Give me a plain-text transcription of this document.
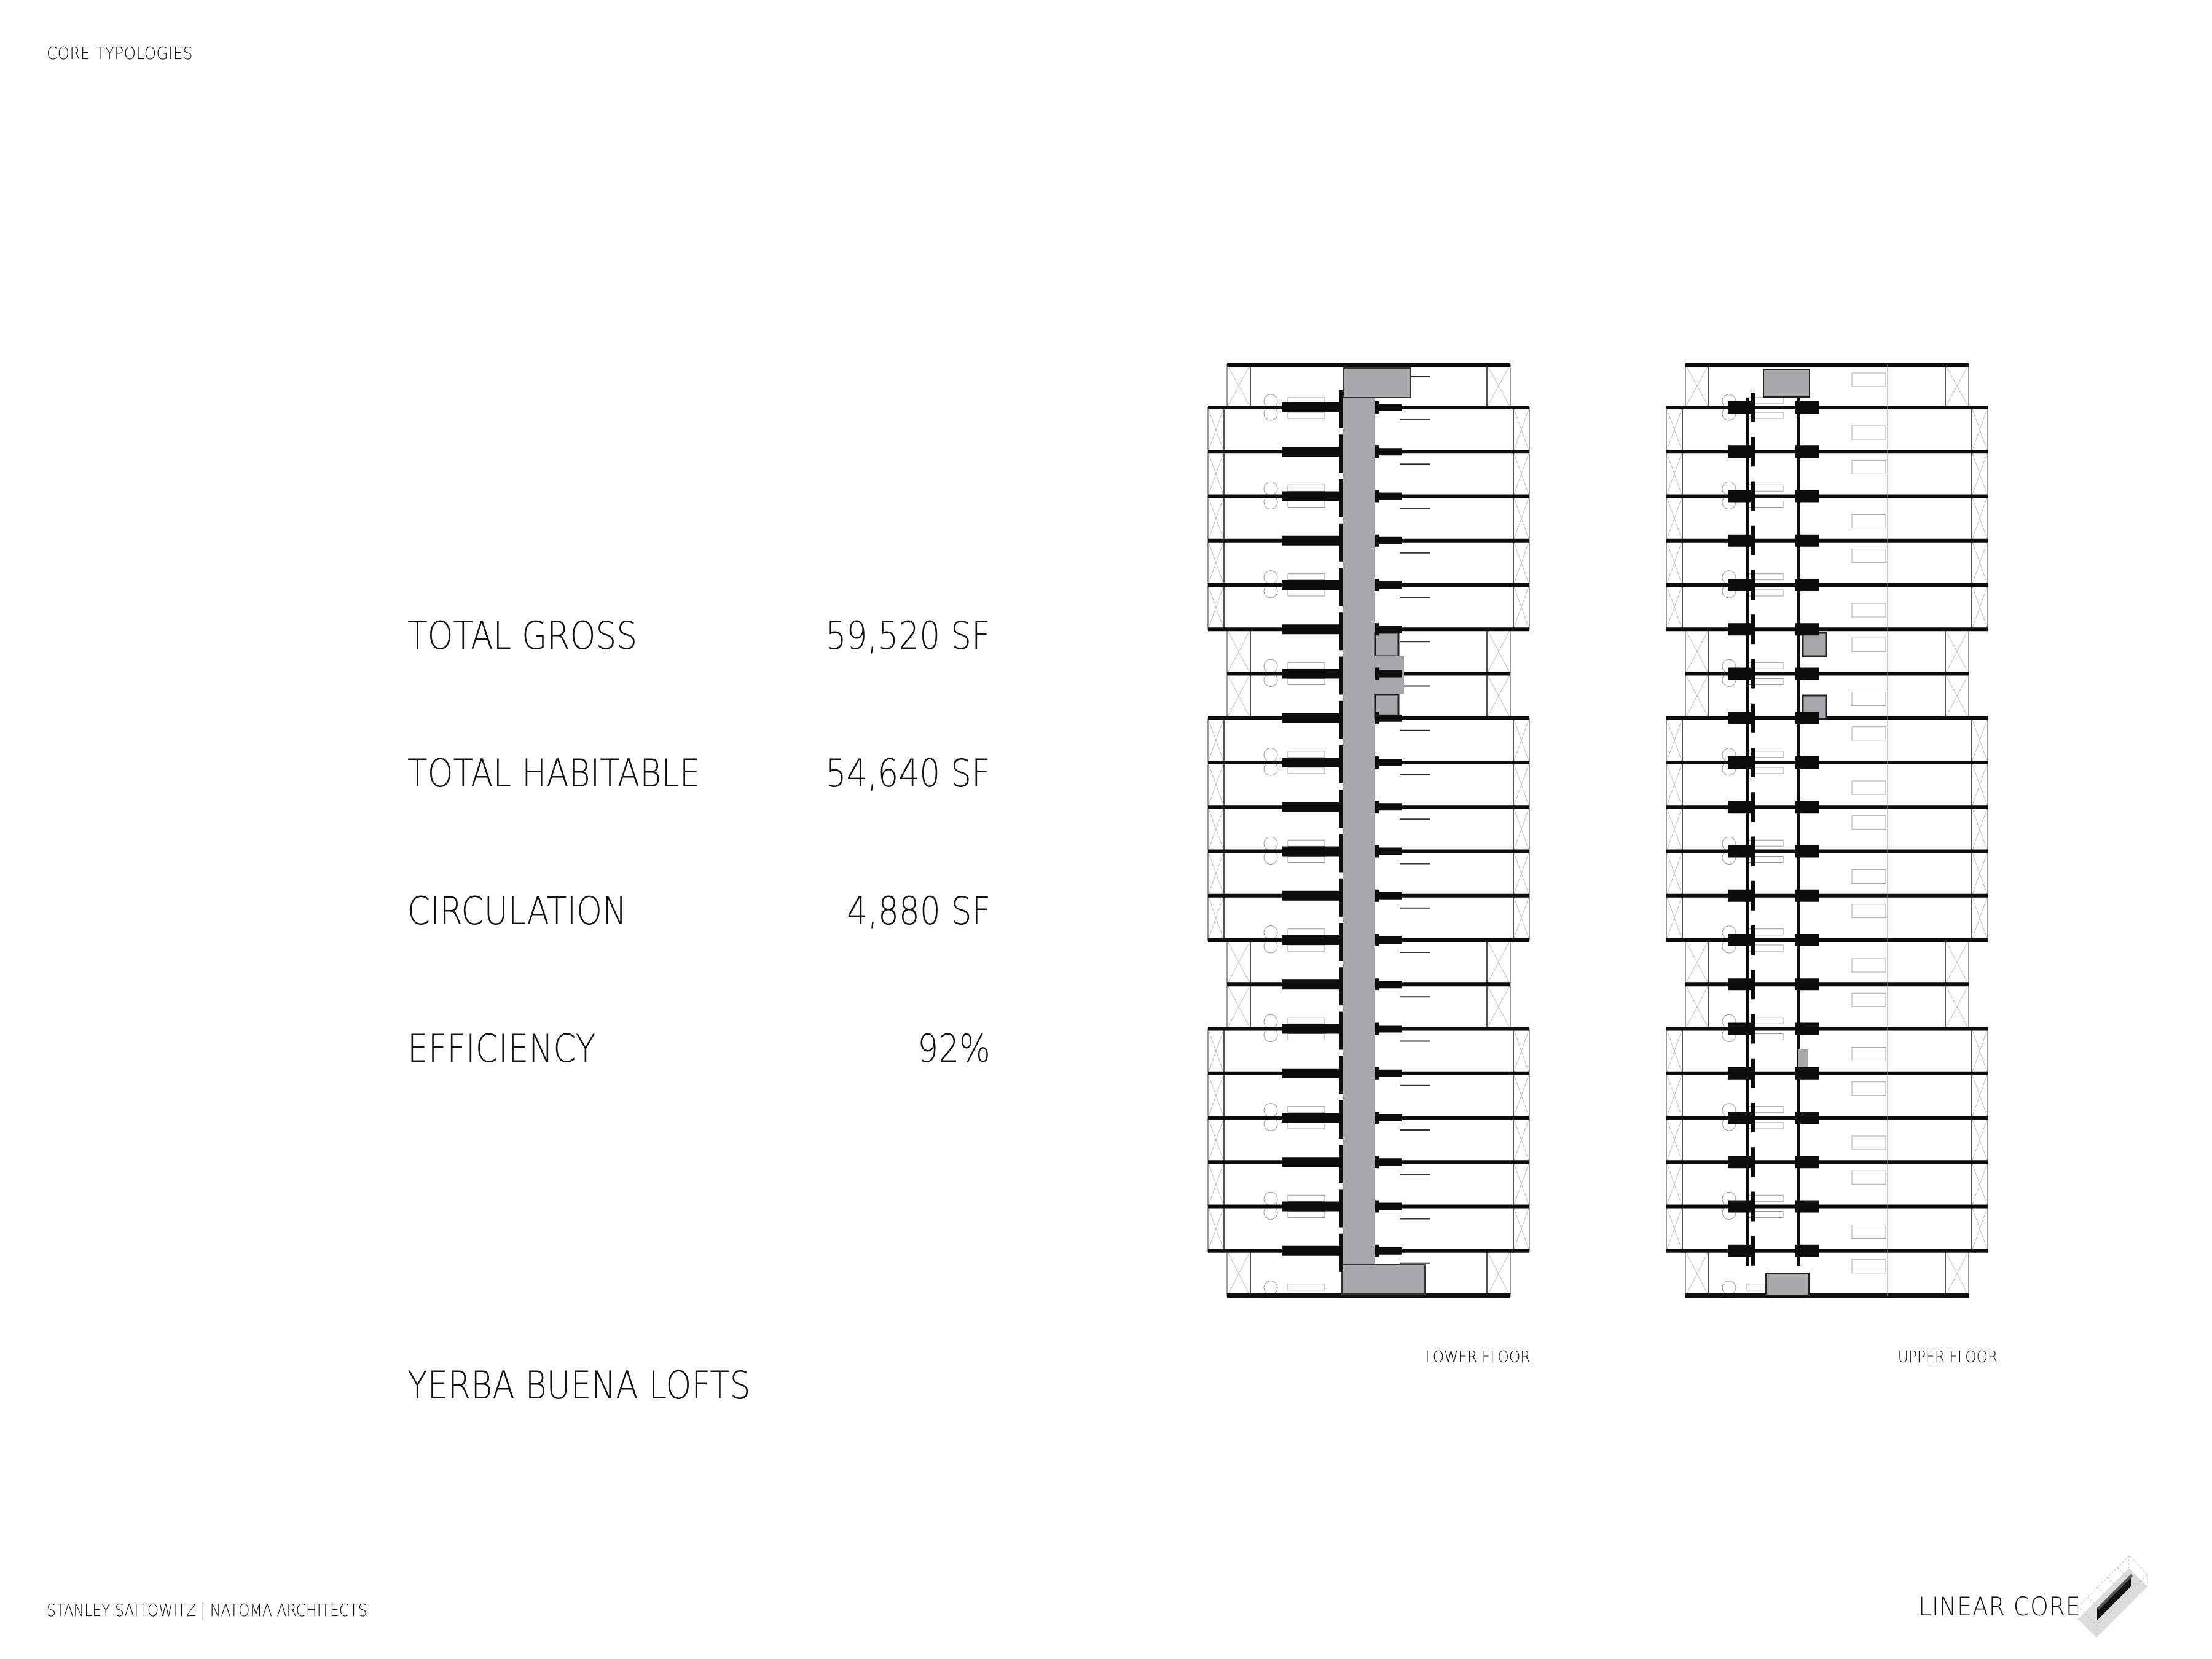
CORE TYPOLOGIES
TOTAL GROSS	59,520 SF
TOTAL HABITABLE	54,640 SF
CIRCULATION	4,880 SF
EFFICIENCY	92%
YERBA BUENA LOFTS
LOWER FLOOR	UPPER FLOOR
STANLEY SAITOWITZ | NATOMA ARCHITECTS	LINEAR CORE
